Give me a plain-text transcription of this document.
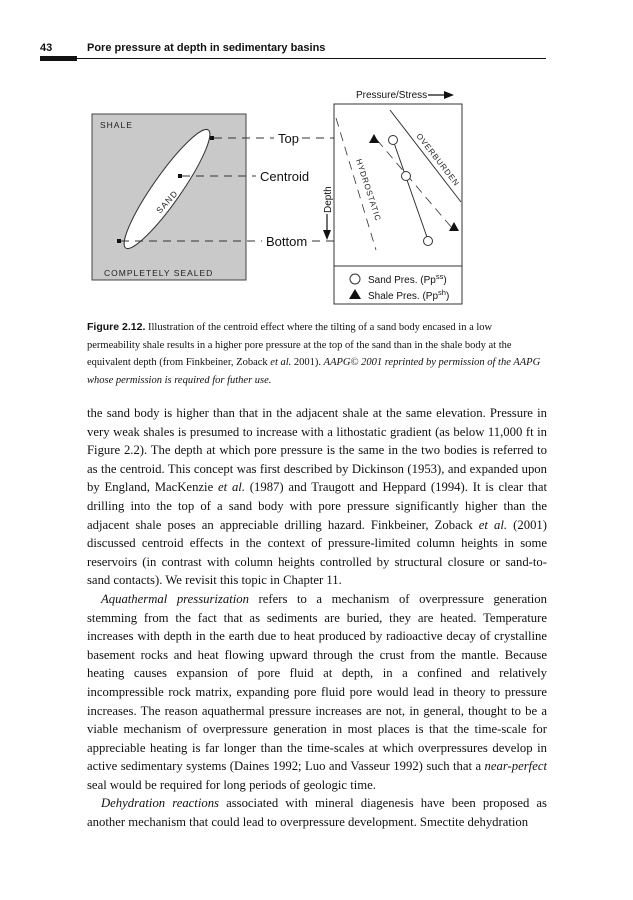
43	Pore pressure at depth in sedimentary basins
SHALE
COMPLETELY SEALED
SAND
Top
Centroid
Bottom
Depth
Pressure/Stress
HYDROSTATIC	OVERBURDEN
Sand Pres. $(Pp^{ss})$
Shale Pres. $(Pp^{sh})$

Figure 2.12. Illustration of the centroid effect where the tilting of a sand body encased in a low permeability shale results in a higher pore pressure at the top of the sand than in the shale body at the equivalent depth (from Finkbeiner, Zoback et al. 2001). AAPG© 2001 reprinted by permission of the AAPG whose permission is required for futher use.

the sand body is higher than that in the adjacent shale at the same elevation. Pressure in very weak shales is presumed to increase with a lithostatic gradient (as below 11,000 ft in Figure 2.2). The depth at which pore pressure is the same in the two bodies is referred to as the centroid. This concept was first described by Dickinson (1953), and expanded upon by England, MacKenzie et al. (1987) and Traugott and Heppard (1994). It is clear that drilling into the top of a sand body with pore pressure significantly higher than the adjacent shale poses an appreciable drilling hazard. Finkbeiner, Zoback et al. (2001) discussed centroid effects in the context of pressure-limited column heights in some reservoirs (in contrast with column heights controlled by structural closure or sand-to-sand contacts). We revisit this topic in Chapter 11.

Aquathermal pressurization refers to a mechanism of overpressure generation stemming from the fact that as sediments are buried, they are heated. Temperature increases with depth in the earth due to heat produced by radioactive decay of crystalline basement rocks and heat flowing upward through the crust from the mantle. Because heating causes expansion of pore fluid at depth, in a confined and relatively incompressible rock matrix, expanding pore fluid pore would lead in theory to pressure increases. The reason aquathermal pressure increases are not, in general, thought to be a viable mechanism of overpressure generation in most places is that the time-scale for appreciable heating is far longer than the time-scales at which overpressures develop in active sedimentary systems (Daines 1992; Luo and Vasseur 1992) such that a near-perfect seal would be required for long periods of geologic time.

Dehydration reactions associated with mineral diagenesis have been proposed as another mechanism that could lead to overpressure development. Smectite dehydration
